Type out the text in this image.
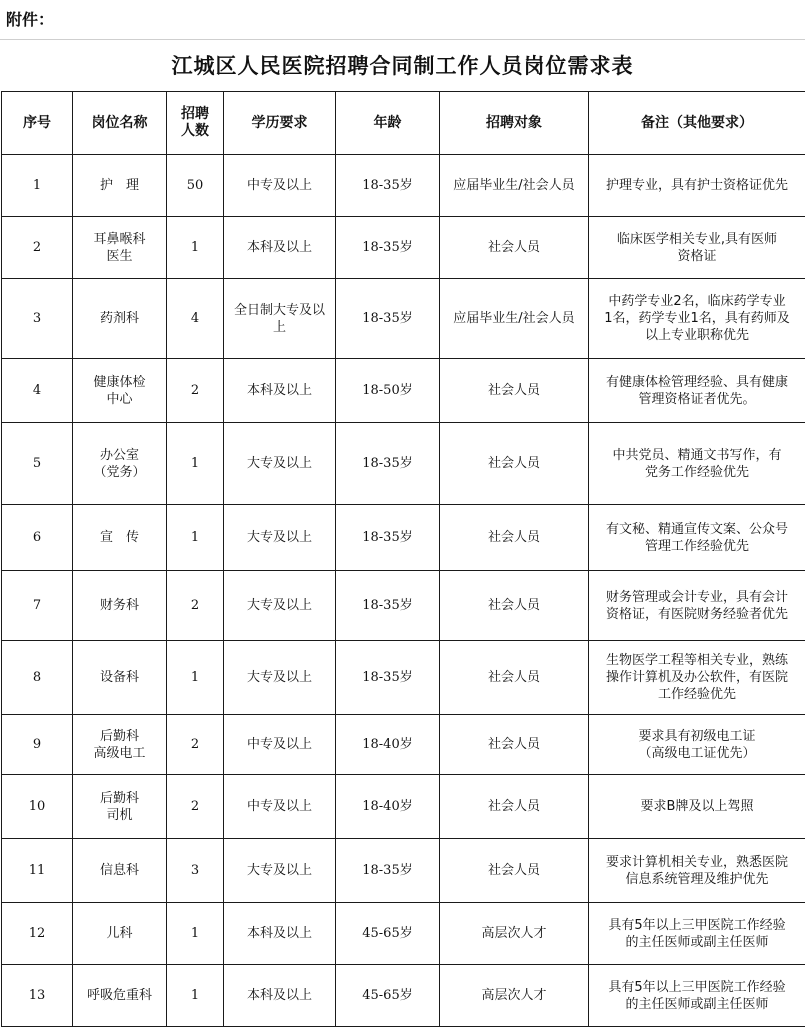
附件：
江城区人民医院招聘合同制工作人员岗位需求表
序号	岗位名称	招聘
人数	学历要求	年龄	招聘对象	备注（其他要求）
1	护　理	50	中专及以上	18-35岁	应届毕业生/社会人员	护理专业，具有护士资格证优先
2	耳鼻喉科
医生	1	本科及以上	18-35岁	社会人员	临床医学相关专业,具有医师
资格证
3	药剂科	4	全日制大专及以
上	18-35岁	应届毕业生/社会人员	中药学专业2名，临床药学专业
1名，药学专业1名，具有药师及
以上专业职称优先
4	健康体检
中心	2	本科及以上	18-50岁	社会人员	有健康体检管理经验、具有健康
管理资格证者优先。
5	办公室
（党务）	1	大专及以上	18-35岁	社会人员	中共党员、精通文书写作，有
党务工作经验优先
6	宣　传	1	大专及以上	18-35岁	社会人员	有文秘、精通宣传文案、公众号
管理工作经验优先
7	财务科	2	大专及以上	18-35岁	社会人员	财务管理或会计专业，具有会计
资格证，有医院财务经验者优先
8	设备科	1	大专及以上	18-35岁	社会人员	生物医学工程等相关专业，熟练
操作计算机及办公软件，有医院
工作经验优先
9	后勤科
高级电工	2	中专及以上	18-40岁	社会人员	要求具有初级电工证
（高级电工证优先）
10	后勤科
司机	2	中专及以上	18-40岁	社会人员	要求B牌及以上驾照
11	信息科	3	大专及以上	18-35岁	社会人员	要求计算机相关专业，熟悉医院
信息系统管理及维护优先
12	儿科	1	本科及以上	45-65岁	高层次人才	具有5年以上三甲医院工作经验
的主任医师或副主任医师
13	呼吸危重科	1	本科及以上	45-65岁	高层次人才	具有5年以上三甲医院工作经验
的主任医师或副主任医师
